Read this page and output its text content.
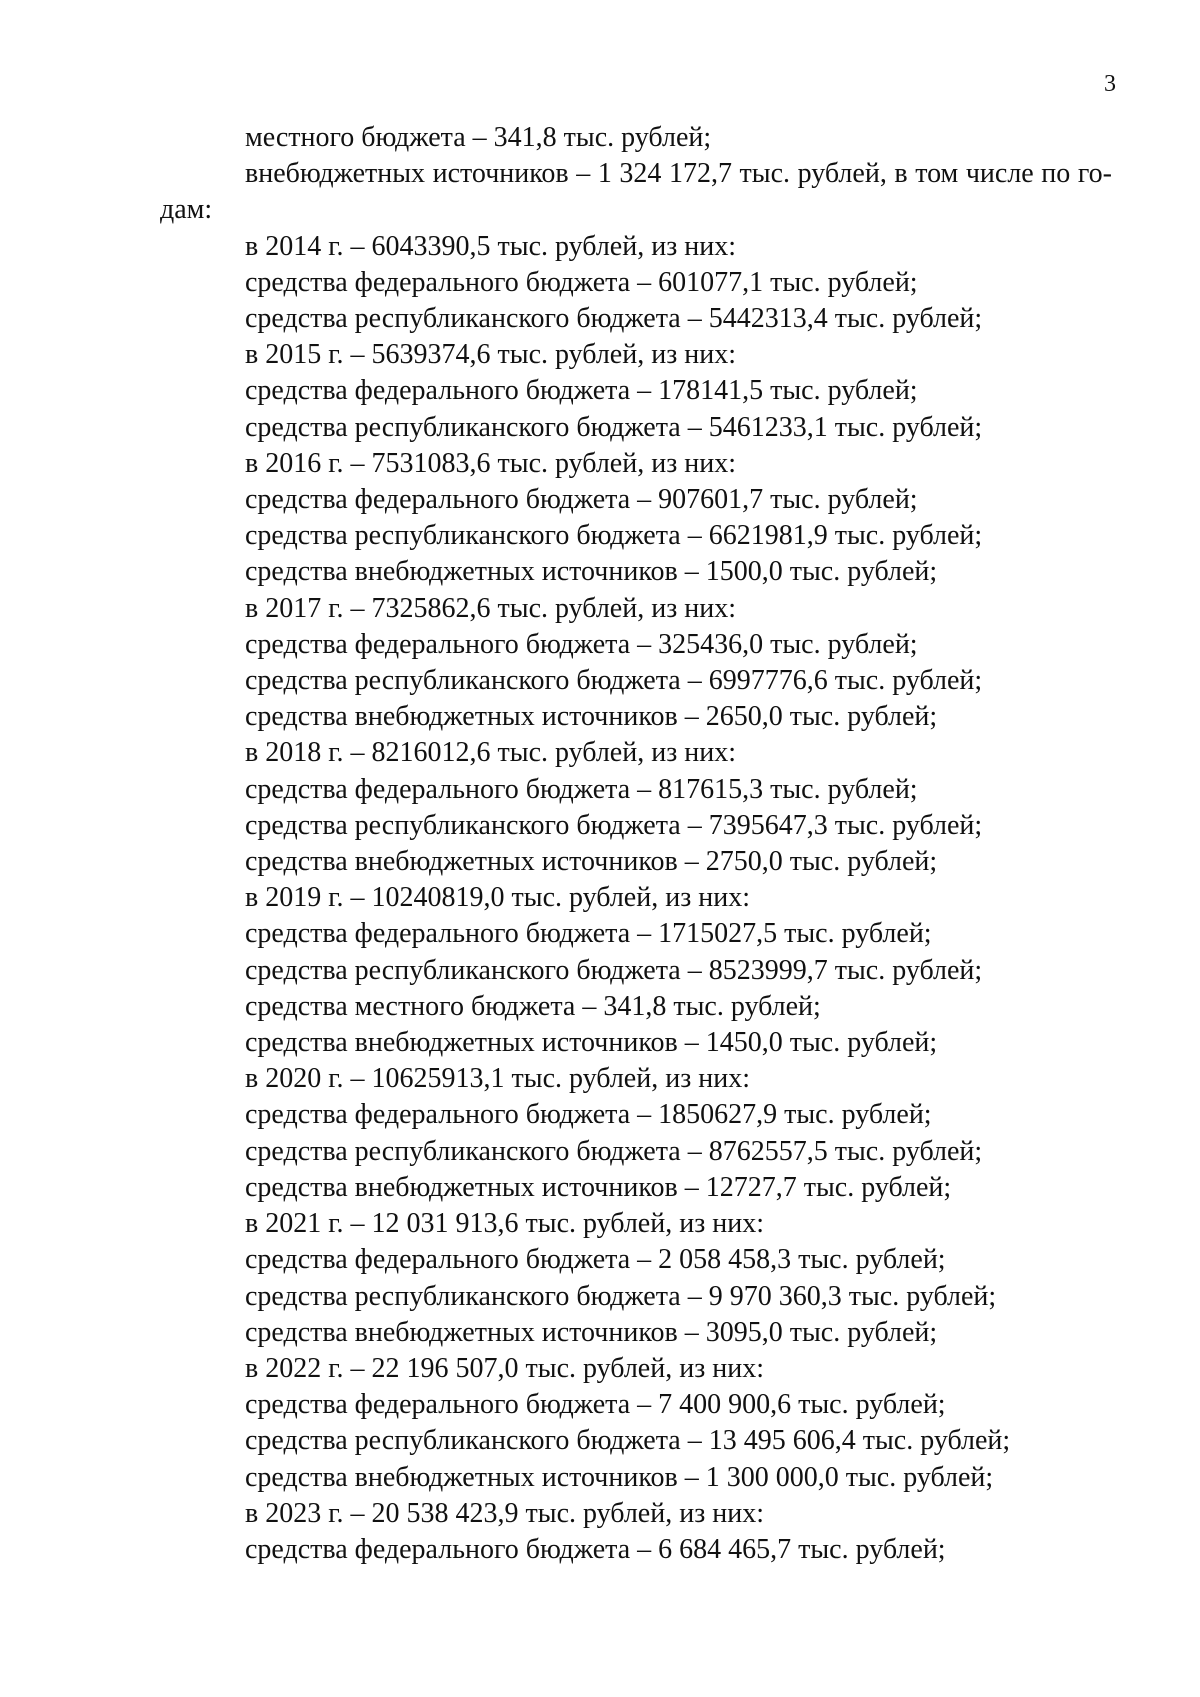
3

местного бюджета – 341,8 тыс. рублей;

внебюджетных источников – 1 324 172,7 тыс. рублей, в том числе по го-

дам:

в 2014 г. – 6043390,5 тыс. рублей, из них:

средства федерального бюджета – 601077,1 тыс. рублей;

средства республиканского бюджета – 5442313,4 тыс. рублей;

в 2015 г. – 5639374,6 тыс. рублей, из них:

средства федерального бюджета – 178141,5 тыс. рублей;

средства республиканского бюджета – 5461233,1 тыс. рублей;

в 2016 г. – 7531083,6 тыс. рублей, из них:

средства федерального бюджета – 907601,7 тыс. рублей;

средства республиканского бюджета – 6621981,9 тыс. рублей;

средства внебюджетных источников – 1500,0 тыс. рублей;

в 2017 г. – 7325862,6 тыс. рублей, из них:

средства федерального бюджета – 325436,0 тыс. рублей;

средства республиканского бюджета – 6997776,6 тыс. рублей;

средства внебюджетных источников – 2650,0 тыс. рублей;

в 2018 г. – 8216012,6 тыс. рублей, из них:

средства федерального бюджета – 817615,3 тыс. рублей;

средства республиканского бюджета – 7395647,3 тыс. рублей;

средства внебюджетных источников – 2750,0 тыс. рублей;

в 2019 г. – 10240819,0 тыс. рублей, из них:

средства федерального бюджета – 1715027,5 тыс. рублей;

средства республиканского бюджета – 8523999,7 тыс. рублей;

средства местного бюджета – 341,8 тыс. рублей;

средства внебюджетных источников – 1450,0 тыс. рублей;

в 2020 г. – 10625913,1 тыс. рублей, из них:

средства федерального бюджета – 1850627,9 тыс. рублей;

средства республиканского бюджета – 8762557,5 тыс. рублей;

средства внебюджетных источников – 12727,7 тыс. рублей;

в 2021 г. – 12 031 913,6 тыс. рублей, из них:

средства федерального бюджета – 2 058 458,3 тыс. рублей;

средства республиканского бюджета – 9 970 360,3 тыс. рублей;

средства внебюджетных источников – 3095,0 тыс. рублей;

в 2022 г. – 22 196 507,0 тыс. рублей, из них:

средства федерального бюджета – 7 400 900,6 тыс. рублей;

средства республиканского бюджета – 13 495 606,4 тыс. рублей;

средства внебюджетных источников – 1 300 000,0 тыс. рублей;

в 2023 г. – 20 538 423,9 тыс. рублей, из них:

средства федерального бюджета – 6 684 465,7 тыс. рублей;
